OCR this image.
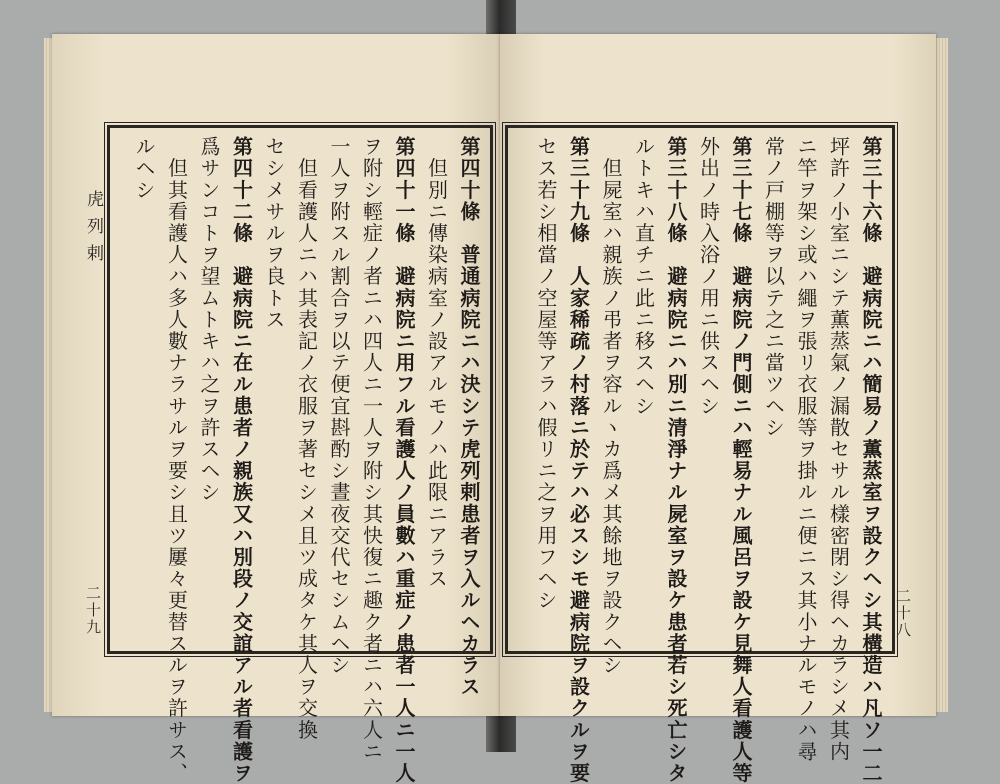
虎列剌
二十九	二十八
第四十條　普通病院ニハ決シテ虎列剌患者ヲ入ルヘカラス
　但別ニ傳染病室ノ設アルモノハ此限ニアラス
第四十一條　避病院ニ用フル看護人ノ員數ハ重症ノ患者一人ニ一人
ヲ附シ輕症ノ者ニハ四人ニ一人ヲ附シ其快復ニ趣ク者ニハ六人ニ
一人ヲ附スル割合ヲ以テ便宜斟酌シ晝夜交代セシムヘシ
　但看護人ニハ其表記ノ衣服ヲ著セシメ且ツ成タケ其人ヲ交換
セシメサルヲ良トス
第四十二條　避病院ニ在ル患者ノ親族又ハ別段ノ交誼アル者看護ヲ
爲サンコトヲ望ムトキハ之ヲ許スヘシ
　但其看護人ハ多人數ナラサルヲ要シ且ツ屢々更替スルヲ許サス、
ルヘシ	第三十六條　避病院ニハ簡易ノ薫蒸室ヲ設クヘシ其構造ハ凡ソ一二
坪許ノ小室ニシテ薫蒸氣ノ漏散セサル樣密閉シ得ヘカラシメ其内
ニ竿ヲ架シ或ハ繩ヲ張リ衣服等ヲ掛ルニ便ニス其小ナルモノハ尋
常ノ戸棚等ヲ以テ之ニ當ツヘシ
第三十七條　避病院ノ門側ニハ輕易ナル風呂ヲ設ケ見舞人看護人等
外出ノ時入浴ノ用ニ供スヘシ
第三十八條　避病院ニハ別ニ清淨ナル屍室ヲ設ケ患者若シ死亡シタ
ルトキハ直チニ此ニ移スヘシ
　但屍室ハ親族ノ弔者ヲ容ルヽカ爲メ其餘地ヲ設クヘシ
第三十九條　人家稀疏ノ村落ニ於テハ必スシモ避病院ヲ設クルヲ要
セス若シ相當ノ空屋等アラハ假リニ之ヲ用フヘシ
